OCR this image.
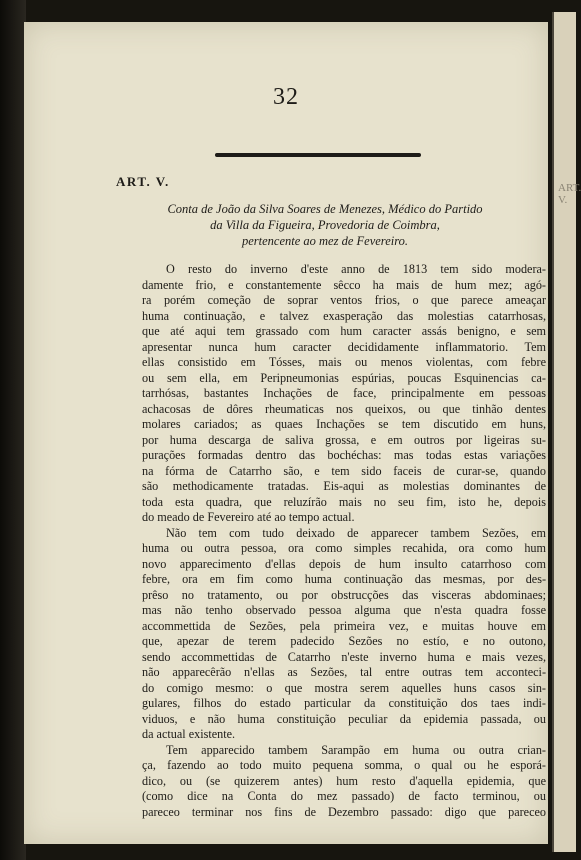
ART. V.
32
ART. V.
Conta de João da Silva Soares de Menezes, Médico do Partido
da Villa da Figueira, Provedoria de Coimbra,
pertencente ao mez de Fevereiro.
O resto do inverno d'este anno de 1813 tem sido modera-
damente frio, e constantemente sêcco ha mais de hum mez; agó-
ra porém começão de soprar ventos frios, o que parece ameaçar
huma continuação, e talvez exasperação das molestias catarrhosas,
que até aqui tem grassado com hum caracter assás benigno, e sem
apresentar nunca hum caracter decididamente inflammatorio. Tem
ellas consistido em Tósses, mais ou menos violentas, com febre
ou sem ella, em Peripneumonias espúrias, poucas Esquinencias ca-
tarrhósas, bastantes Inchações de face, principalmente em pessoas
achacosas de dôres rheumaticas nos queixos, ou que tinhão dentes
molares cariados; as quaes Inchações se tem discutido em huns,
por huma descarga de saliva grossa, e em outros por ligeiras su-
purações formadas dentro das bochéchas: mas todas estas variações
na fórma de Catarrho são, e tem sido faceis de curar-se, quando
são methodicamente tratadas. Eis-aqui as molestias dominantes de
toda esta quadra, que reluzírão mais no seu fim, isto he, depois
do meado de Fevereiro até ao tempo actual.
Não tem com tudo deixado de apparecer tambem Sezões, em
huma ou outra pessoa, ora como simples recahida, ora como hum
novo apparecimento d'ellas depois de hum insulto catarrhoso com
febre, ora em fim como huma continuação das mesmas, por des-
prêso no tratamento, ou por obstrucções das visceras abdominaes;
mas não tenho observado pessoa alguma que n'esta quadra fosse
accommettida de Sezões, pela primeira vez, e muitas houve em
que, apezar de terem padecido Sezões no estío, e no outono,
sendo accommettidas de Catarrho n'este inverno huma e mais vezes,
não apparecêrão n'ellas as Sezões, tal entre outras tem acconteci-
do comigo mesmo: o que mostra serem aquelles huns casos sin-
gulares, filhos do estado particular da constituição dos taes indi-
viduos, e não huma constituição peculiar da epidemia passada, ou
da actual existente.
Tem apparecido tambem Sarampão em huma ou outra crian-
ça, fazendo ao todo muito pequena somma, o qual ou he esporá-
dico, ou (se quizerem antes) hum resto d'aquella epidemia, que
(como dice na Conta do mez passado) de facto terminou, ou
pareceo terminar nos fins de Dezembro passado: digo que pareceo
